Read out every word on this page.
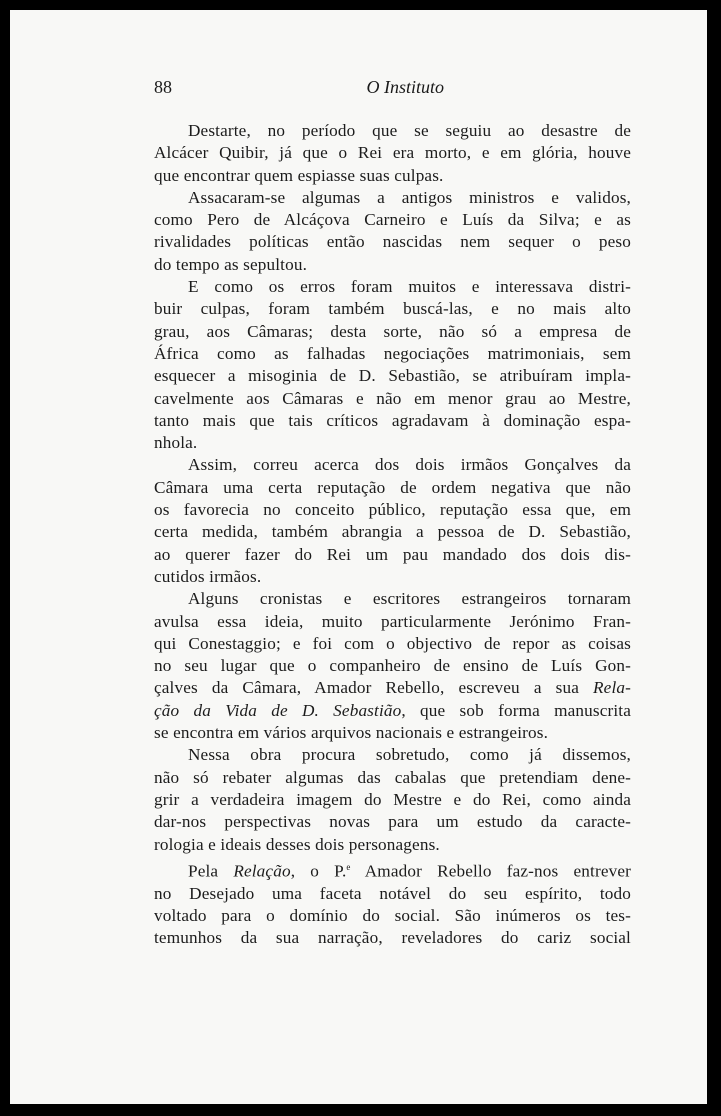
88	O Instituto

Destarte, no período que se seguiu ao desastre de
Alcácer Quibir, já que o Rei era morto, e em glória, houve
que encontrar quem espiasse suas culpas.

Assacaram-se algumas a antigos ministros e validos,
como Pero de Alcáçova Carneiro e Luís da Silva; e as
rivalidades políticas então nascidas nem sequer o peso
do tempo as sepultou.

E como os erros foram muitos e interessava distri-
buir culpas, foram também buscá-las, e no mais alto
grau, aos Câmaras; desta sorte, não só a empresa de
África como as falhadas negociações matrimoniais, sem
esquecer a misoginia de D. Sebastião, se atribuíram impla-
cavelmente aos Câmaras e não em menor grau ao Mestre,
tanto mais que tais críticos agradavam à dominação espa-
nhola.

Assim, correu acerca dos dois irmãos Gonçalves da
Câmara uma certa reputação de ordem negativa que não
os favorecia no conceito público, reputação essa que, em
certa medida, também abrangia a pessoa de D. Sebastião,
ao querer fazer do Rei um pau mandado dos dois dis-
cutidos irmãos.

Alguns cronistas e escritores estrangeiros tornaram
avulsa essa ideia, muito particularmente Jerónimo Fran-
qui Conestaggio; e foi com o objectivo de repor as coisas
no seu lugar que o companheiro de ensino de Luís Gon-
çalves da Câmara, Amador Rebello, escreveu a sua Rela-
ção da Vida de D. Sebastião, que sob forma manuscrita
se encontra em vários arquivos nacionais e estrangeiros.

Nessa obra procura sobretudo, como já dissemos,
não só rebater algumas das cabalas que pretendiam dene-
grir a verdadeira imagem do Mestre e do Rei, como ainda
dar-nos perspectivas novas para um estudo da caracte-
rologia e ideais desses dois personagens.

Pela Relação, o P.$^e$ Amador Rebello faz-nos entrever
no Desejado uma faceta notável do seu espírito, todo
voltado para o domínio do social. São inúmeros os tes-
temunhos da sua narração, reveladores do cariz social
